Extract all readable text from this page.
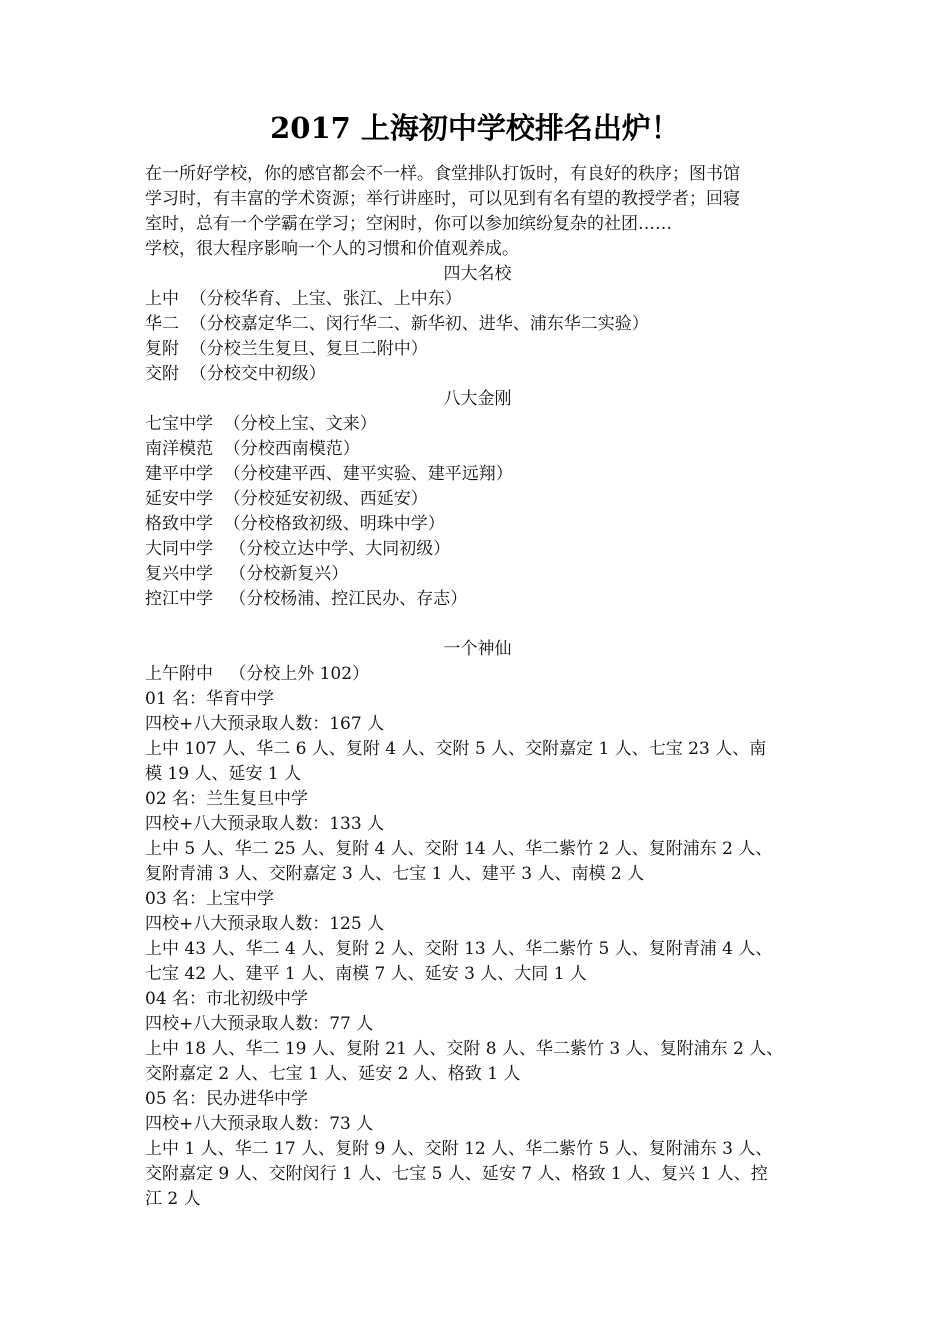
2017 上海初中学校排名出炉！

在一所好学校，你的感官都会不一样。食堂排队打饭时，有良好的秩序；图书馆

学习时，有丰富的学术资源；举行讲座时，可以见到有名有望的教授学者；回寝

室时，总有一个学霸在学习；空闲时，你可以参加缤纷复杂的社团……

学校，很大程序影响一个人的习惯和价值观养成。

四大名校

上中  （分校华育、上宝、张江、上中东）

华二  （分校嘉定华二、闵行华二、新华初、进华、浦东华二实验）

复附  （分校兰生复旦、复旦二附中）

交附  （分校交中初级）

八大金刚

七宝中学  （分校上宝、文来）

南洋模范  （分校西南模范）

建平中学  （分校建平西、建平实验、建平远翔）

延安中学  （分校延安初级、西延安）

格致中学  （分校格致初级、明珠中学）

大同中学   （分校立达中学、大同初级）

复兴中学   （分校新复兴）

控江中学   （分校杨浦、控江民办、存志）

一个神仙

上午附中   （分校上外 102）

01 名：华育中学

四校+八大预录取人数：167 人

上中 107 人、华二 6 人、复附 4 人、交附 5 人、交附嘉定 1 人、七宝 23 人、南

模 19 人、延安 1 人

02 名：兰生复旦中学

四校+八大预录取人数：133 人

上中 5 人、华二 25 人、复附 4 人、交附 14 人、华二紫竹 2 人、复附浦东 2 人、

复附青浦 3 人、交附嘉定 3 人、七宝 1 人、建平 3 人、南模 2 人

03 名：上宝中学

四校+八大预录取人数：125 人

上中 43 人、华二 4 人、复附 2 人、交附 13 人、华二紫竹 5 人、复附青浦 4 人、

七宝 42 人、建平 1 人、南模 7 人、延安 3 人、大同 1 人

04 名：市北初级中学

四校+八大预录取人数：77 人

上中 18 人、华二 19 人、复附 21 人、交附 8 人、华二紫竹 3 人、复附浦东 2 人、

交附嘉定 2 人、七宝 1 人、延安 2 人、格致 1 人

05 名：民办进华中学

四校+八大预录取人数：73 人

上中 1 人、华二 17 人、复附 9 人、交附 12 人、华二紫竹 5 人、复附浦东 3 人、

交附嘉定 9 人、交附闵行 1 人、七宝 5 人、延安 7 人、格致 1 人、复兴 1 人、控

江 2 人
